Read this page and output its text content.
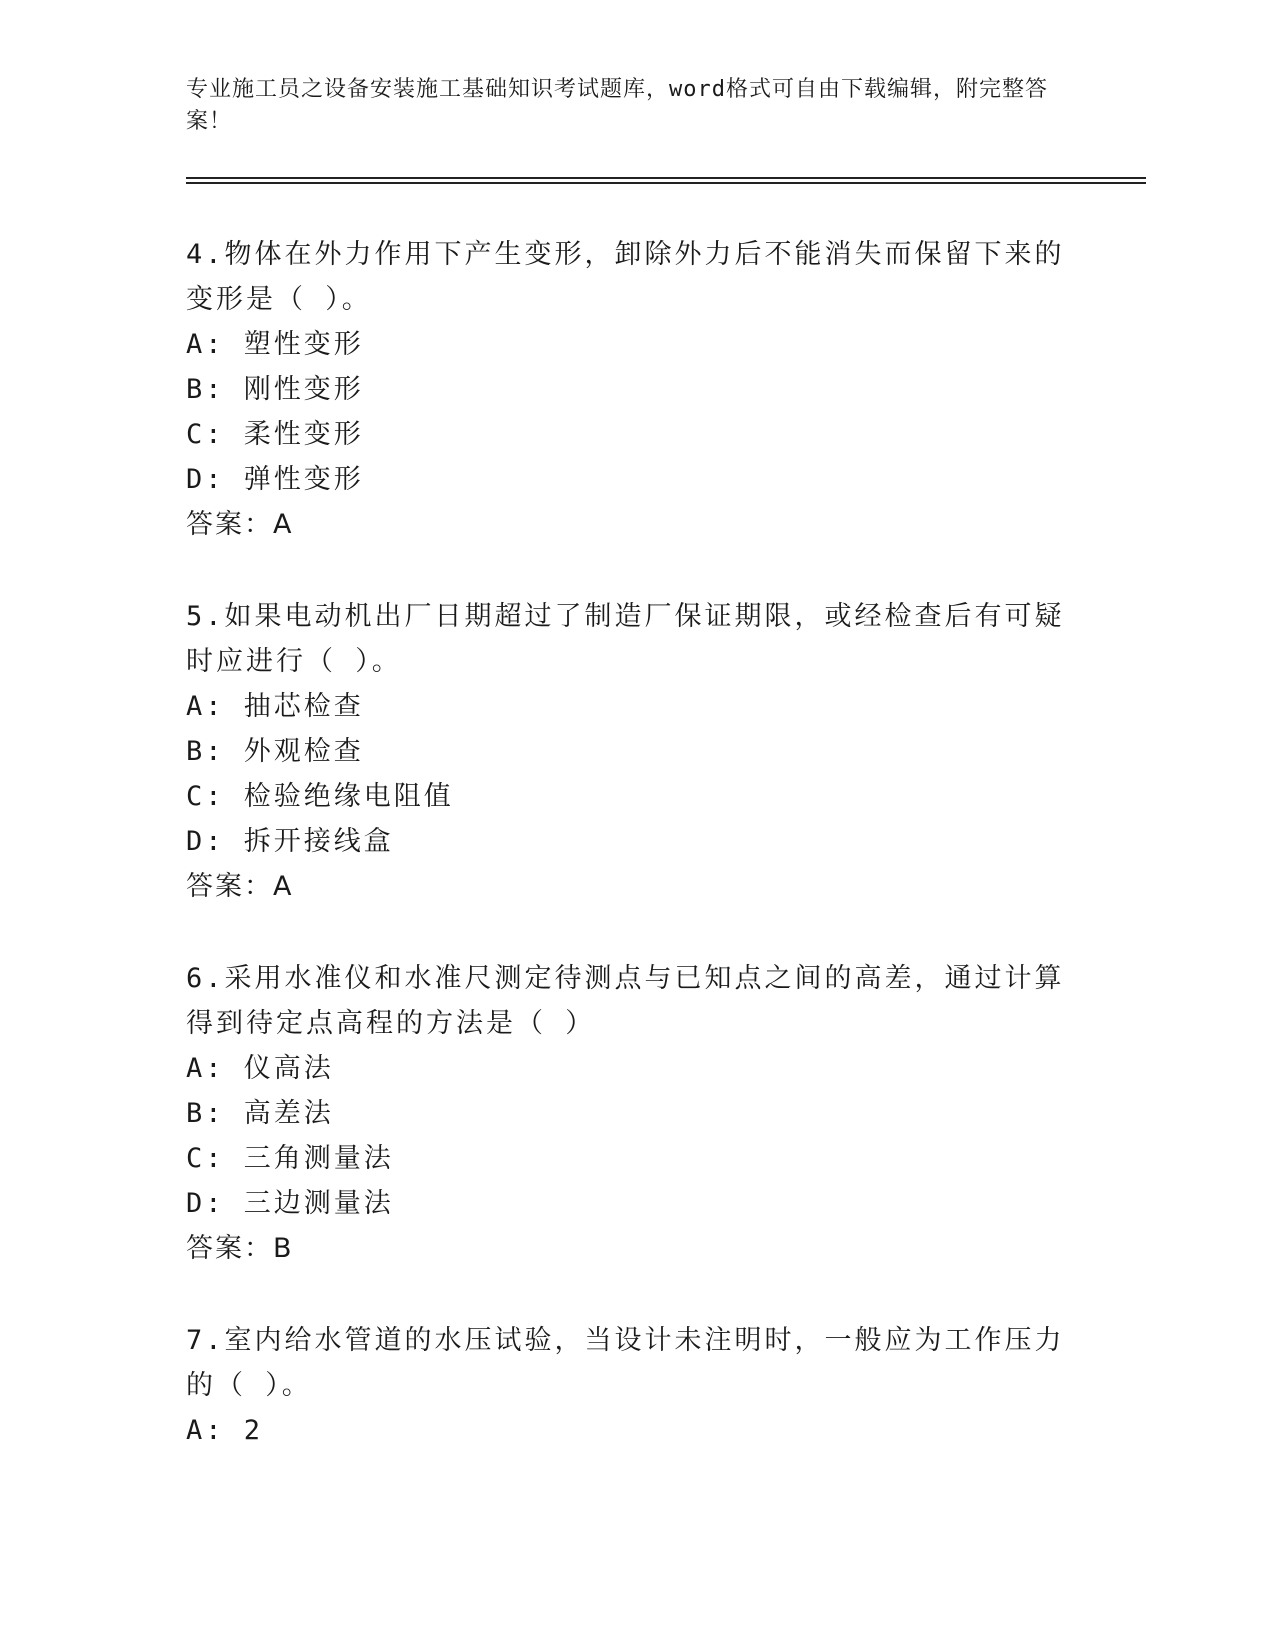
专业施工员之设备安装施工基础知识考试题库，word格式可自由下载编辑，附完整答案！
4.物体在外力作用下产生变形，卸除外力后不能消失而保留下来的变形是（ ）。
A: 塑性变形
B: 刚性变形
C: 柔性变形
D: 弹性变形
答案：A
5.如果电动机出厂日期超过了制造厂保证期限，或经检查后有可疑时应进行（ ）。
A: 抽芯检查
B: 外观检查
C: 检验绝缘电阻值
D: 拆开接线盒
答案：A
6.采用水准仪和水准尺测定待测点与已知点之间的高差，通过计算得到待定点高程的方法是（ ）
A: 仪高法
B: 高差法
C: 三角测量法
D: 三边测量法
答案：B
7.室内给水管道的水压试验，当设计未注明时，一般应为工作压力的（ ）。
A: 2
